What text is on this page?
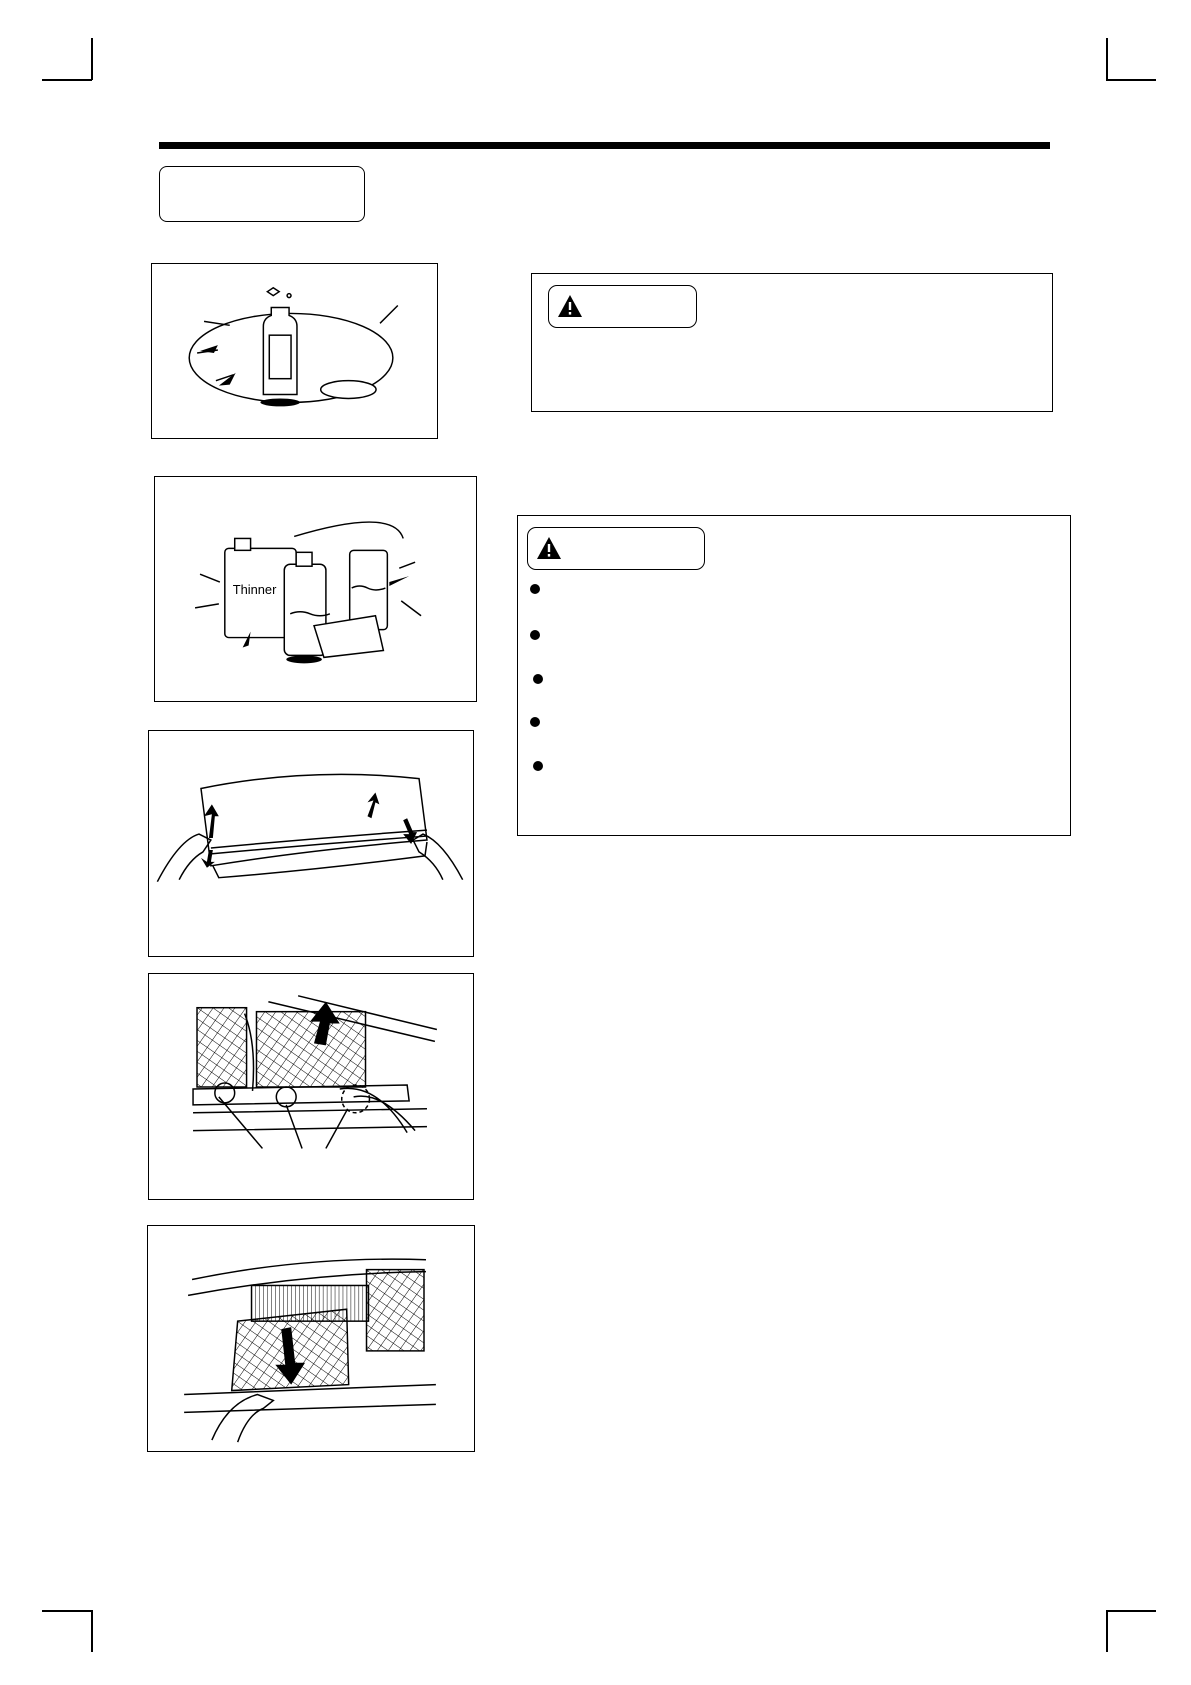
Thinner
